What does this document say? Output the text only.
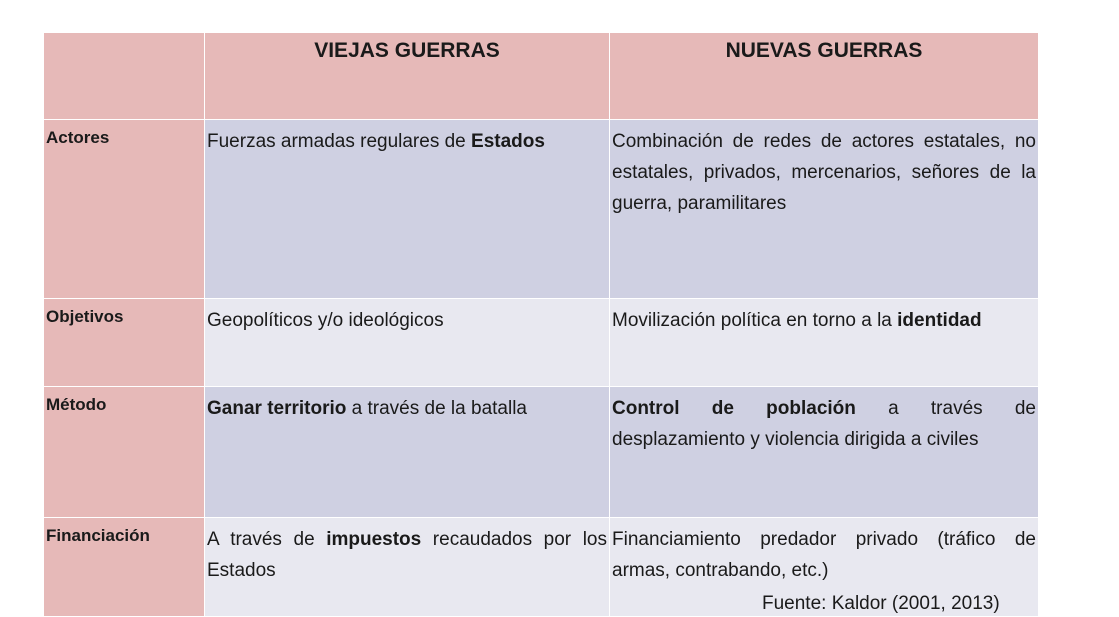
	VIEJAS GUERRAS	NUEVAS GUERRAS
Actores	Fuerzas armadas regulares de Estados	Combinación de redes de actores estatales, no estatales, privados, mercenarios, señores de la guerra, paramilitares
Objetivos	Geopolíticos y/o ideológicos	Movilización política en torno a la identidad
Método	Ganar territorio a través de la batalla	Control de población a través de desplazamiento y violencia dirigida a civiles
Financiación	A través de impuestos recaudados por los Estados	Financiamiento predador privado (tráfico de armas, contrabando, etc.)
Fuente: Kaldor (2001, 2013)
